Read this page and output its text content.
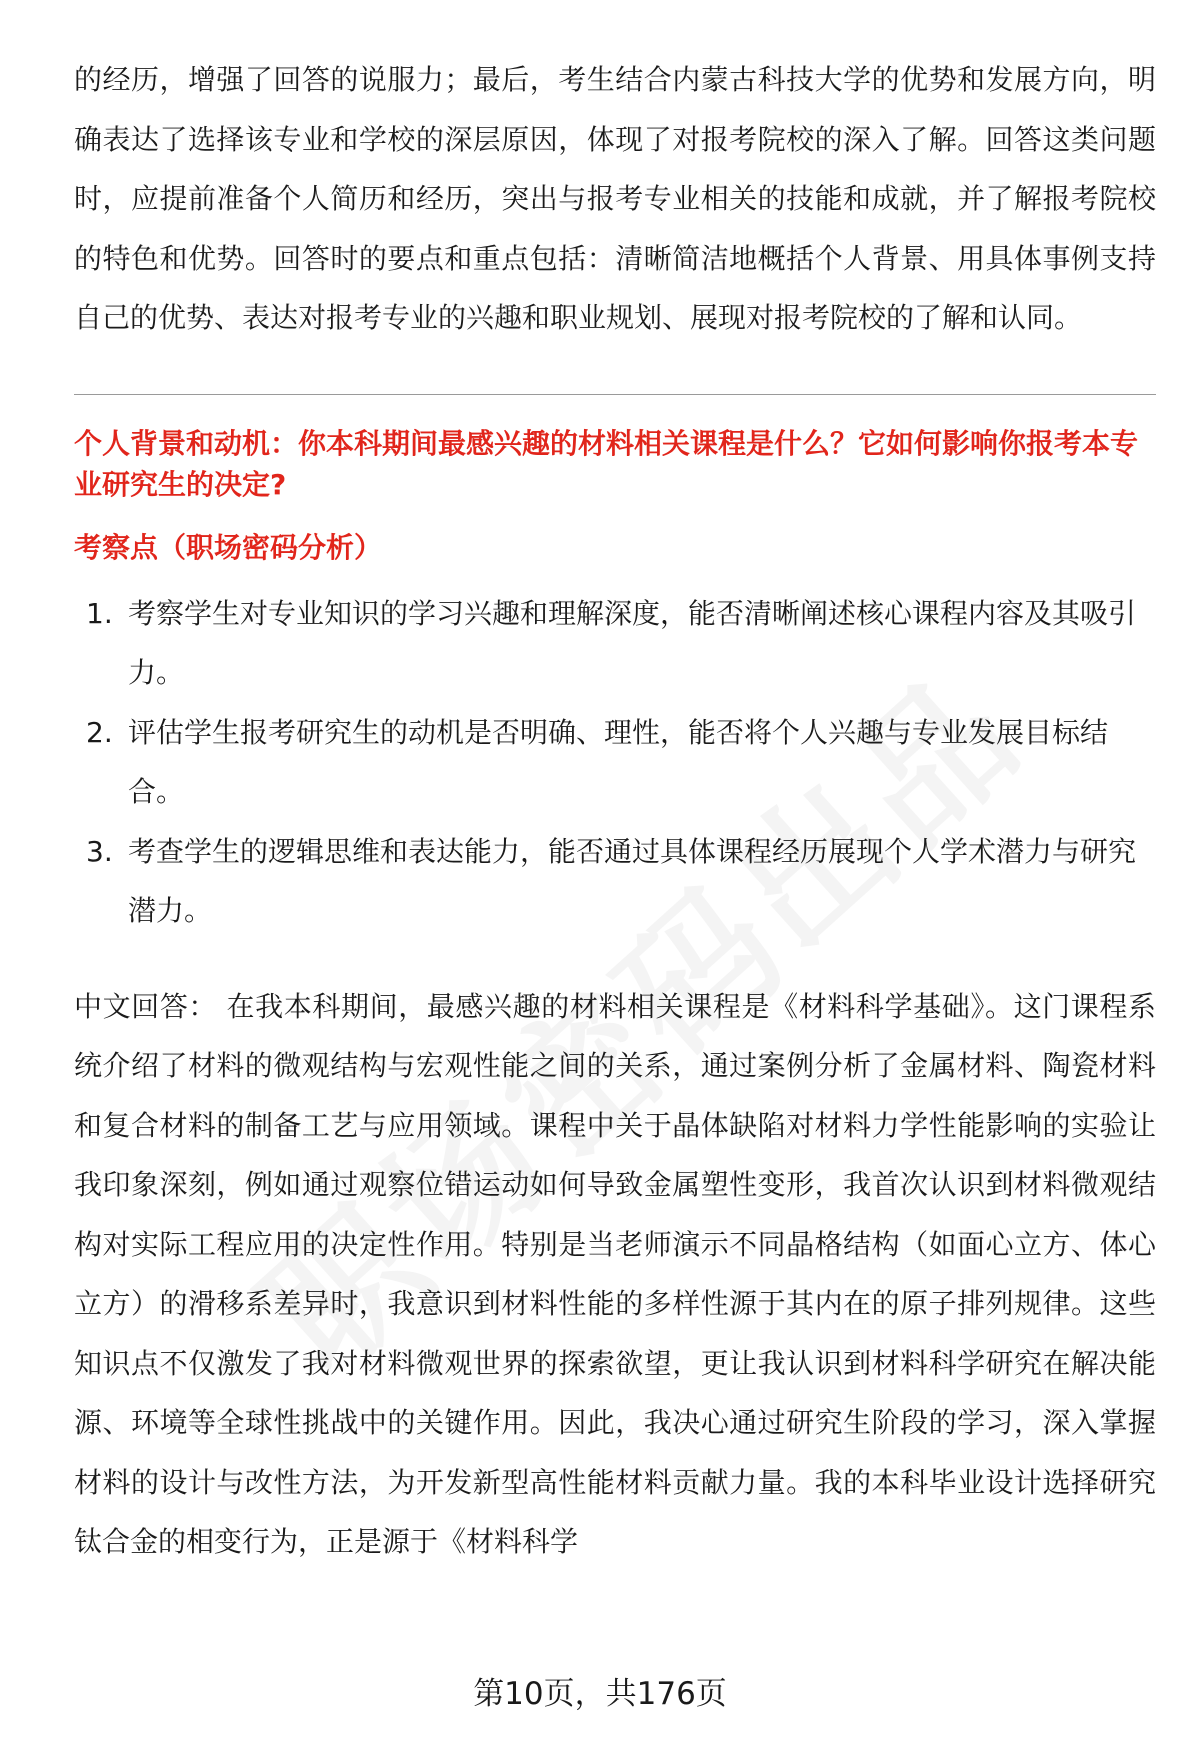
的经历，增强了回答的说服力；最后，考生结合内蒙古科技大学的优势和发展方向，明确表达了选择该专业和学校的深层原因，体现了对报考院校的深入了解。回答这类问题时，应提前准备个人简历和经历，突出与报考专业相关的技能和成就，并了解报考院校的特色和优势。回答时的要点和重点包括：清晰简洁地概括个人背景、用具体事例支持自己的优势、表达对报考专业的兴趣和职业规划、展现对报考院校的了解和认同。

个人背景和动机：你本科期间最感兴趣的材料相关课程是什么？它如何影响你报考本专业研究生的决定?

考察点（职场密码分析）

1. 考察学生对专业知识的学习兴趣和理解深度，能否清晰阐述核心课程内容及其吸引力。
2. 评估学生报考研究生的动机是否明确、理性，能否将个人兴趣与专业发展目标结合。
3. 考查学生的逻辑思维和表达能力，能否通过具体课程经历展现个人学术潜力与研究潜力。

中文回答： 在我本科期间，最感兴趣的材料相关课程是《材料科学基础》。这门课程系统介绍了材料的微观结构与宏观性能之间的关系，通过案例分析了金属材料、陶瓷材料和复合材料的制备工艺与应用领域。课程中关于晶体缺陷对材料力学性能影响的实验让我印象深刻，例如通过观察位错运动如何导致金属塑性变形，我首次认识到材料微观结构对实际工程应用的决定性作用。特别是当老师演示不同晶格结构（如面心立方、体心立方）的滑移系差异时，我意识到材料性能的多样性源于其内在的原子排列规律。这些知识点不仅激发了我对材料微观世界的探索欲望，更让我认识到材料科学研究在解决能源、环境等全球性挑战中的关键作用。因此，我决心通过研究生阶段的学习，深入掌握材料的设计与改性方法，为开发新型高性能材料贡献力量。我的本科毕业设计选择研究钛合金的相变行为，正是源于《材料科学

第10页，共176页
